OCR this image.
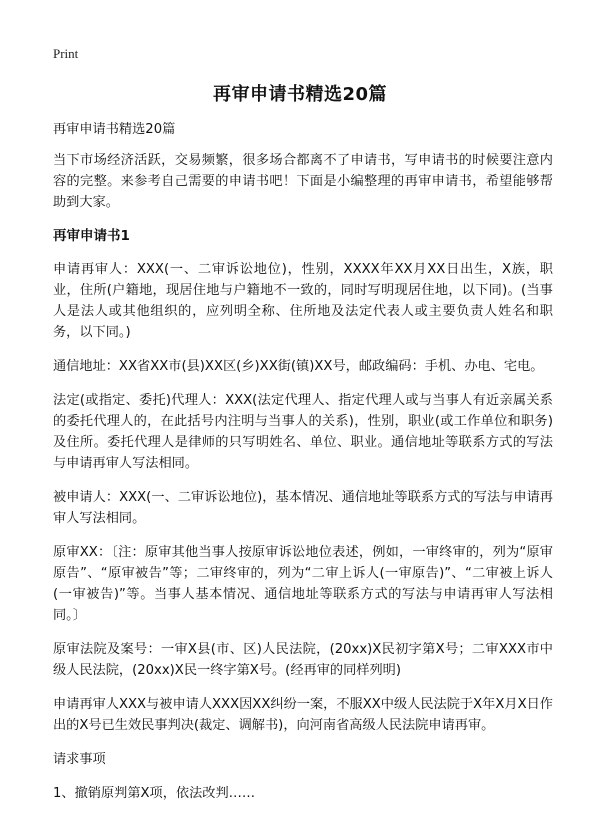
Print
再审申请书精选20篇

再审申请书精选20篇

当下市场经济活跃，交易频繁，很多场合都离不了申请书，写申请书的时候要注意内容的完整。来参考自己需要的申请书吧！下面是小编整理的再审申请书，希望能够帮助到大家。

再审申请书1

申请再审人：XXX(一、二审诉讼地位)，性别，XXXX年XX月XX日出生，X族，职业，住所(户籍地，现居住地与户籍地不一致的，同时写明现居住地，以下同)。(当事人是法人或其他组织的，应列明全称、住所地及法定代表人或主要负责人姓名和职务，以下同。)

通信地址：XX省XX市(县)XX区(乡)XX街(镇)XX号，邮政编码：手机、办电、宅电。

法定(或指定、委托)代理人：XXX(法定代理人、指定代理人或与当事人有近亲属关系的委托代理人的，在此括号内注明与当事人的关系)，性别，职业(或工作单位和职务)及住所。委托代理人是律师的只写明姓名、单位、职业。通信地址等联系方式的写法与申请再审人写法相同。

被申请人：XXX(一、二审诉讼地位)，基本情况、通信地址等联系方式的写法与申请再审人写法相同。

原审XX：〔注：原审其他当事人按原审诉讼地位表述，例如，一审终审的，列为“原审原告”、“原审被告”等；二审终审的，列为“二审上诉人(一审原告)”、“二审被上诉人(一审被告)”等。当事人基本情况、通信地址等联系方式的写法与申请再审人写法相同。〕

原审法院及案号：一审X县(市、区)人民法院，(20xx)X民初字第X号；二审XXX市中级人民法院，(20xx)X民一终字第X号。(经再审的同样列明)

申请再审人XXX与被申请人XXX因XX纠纷一案，不服XX中级人民法院于X年X月X日作出的X号已生效民事判决(裁定、调解书)，向河南省高级人民法院申请再审。

请求事项

1、撤销原判第X项，依法改判……
